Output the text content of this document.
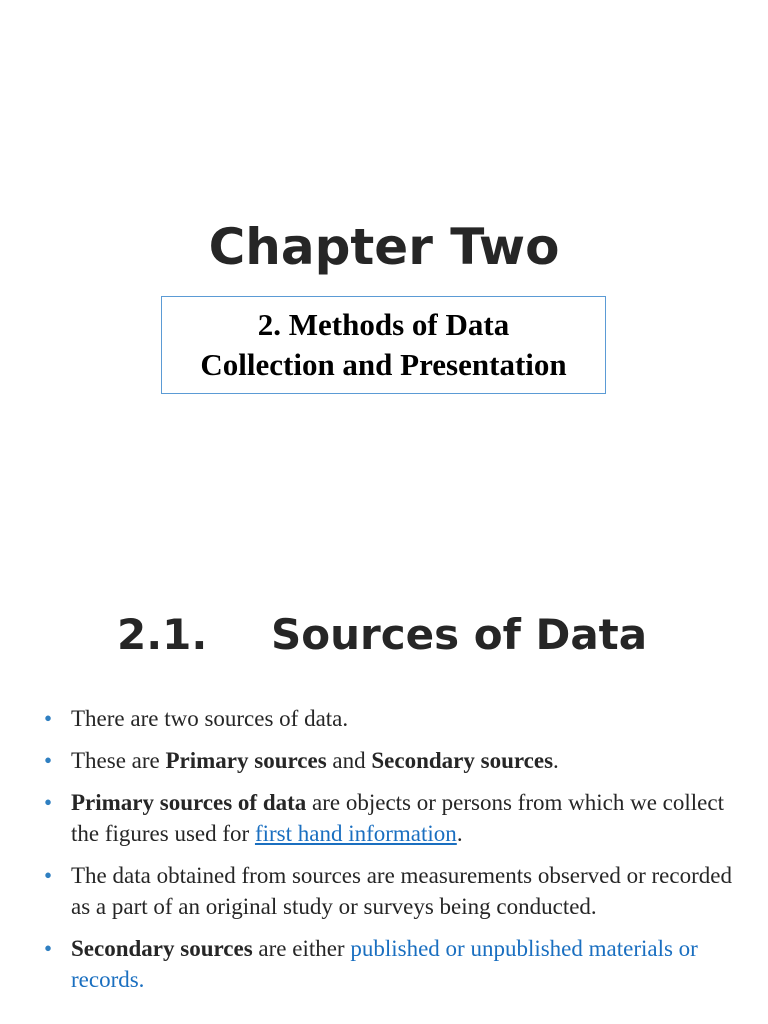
Chapter Two

2. Methods of Data
Collection and Presentation

2.1. Sources of Data
• There are two sources of data.
• These are Primary sources and Secondary sources.
• Primary sources of data are objects or persons from which we collect the figures used for first hand information.
• The data obtained from sources are measurements observed or recorded as a part of an original study or surveys being conducted.
• Secondary sources are either published or unpublished materials or records.
